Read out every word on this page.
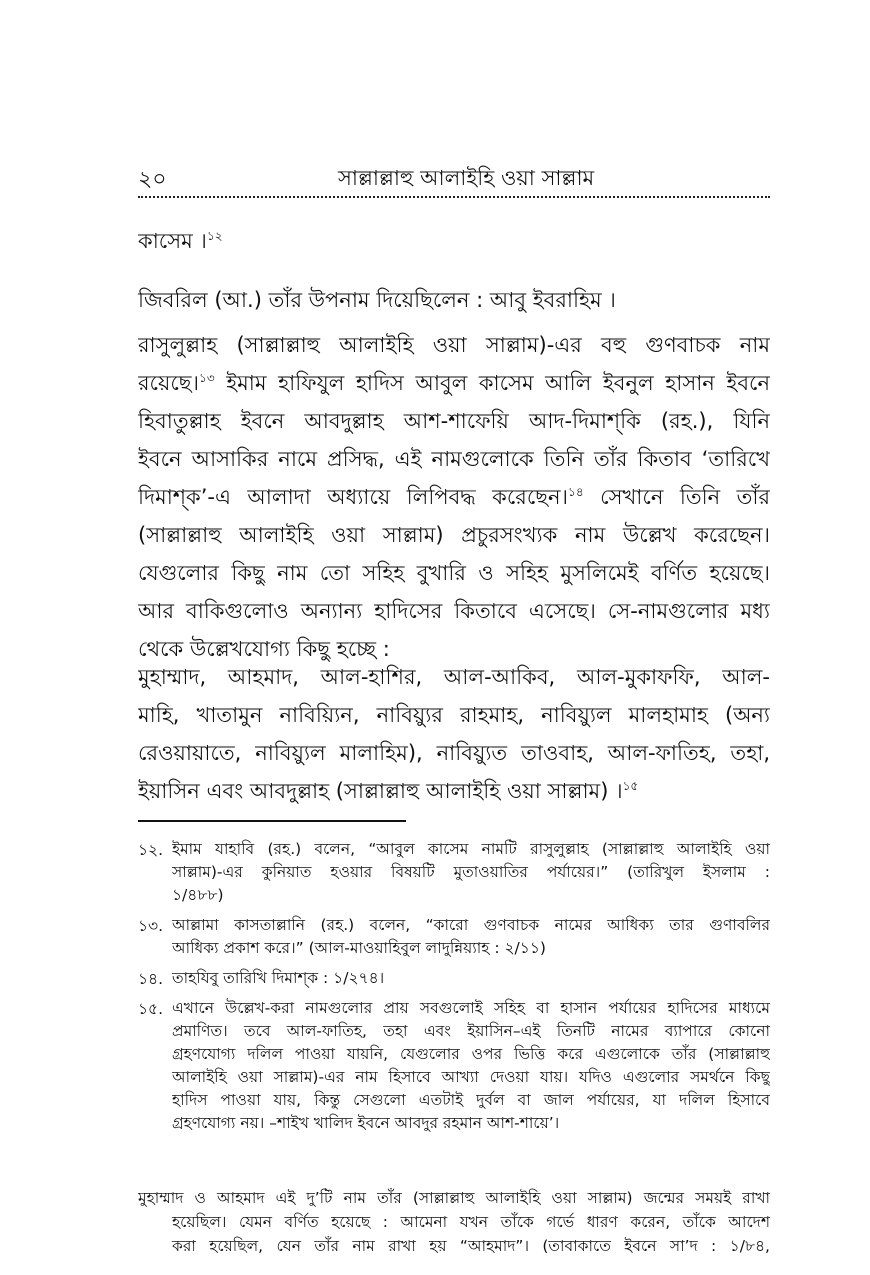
২০	সাল্লাল্লাহু আলাইহি ওয়া সাল্লাম
কাসেম ।$^{১২}$
জিবরিল (আ.) তাঁর উপনাম দিয়েছিলেন : আবু ইবরাহিম ।
রাসুলুল্লাহ (সাল্লাল্লাহু আলাইহি ওয়া সাল্লাম)-এর বহু গুণবাচক নাম
রয়েছে।$^{১৩}$ ইমাম হাফিযুল হাদিস আবুল কাসেম আলি ইবনুল হাসান ইবনে
হিবাতুল্লাহ ইবনে আবদুল্লাহ আশ-শাফেয়ি আদ-দিমাশ্‌কি (রহ.), যিনি
ইবনে আসাকির নামে প্রসিদ্ধ, এই নামগুলোকে তিনি তাঁর কিতাব ‘তারিখে
দিমাশ্‌ক’-এ আলাদা অধ্যায়ে লিপিবদ্ধ করেছেন।$^{১৪}$ সেখানে তিনি তাঁর
(সাল্লাল্লাহু আলাইহি ওয়া সাল্লাম) প্রচুরসংখ্যক নাম উল্লেখ করেছেন।
যেগুলোর কিছু নাম তো সহিহ বুখারি ও সহিহ মুসলিমেই বর্ণিত হয়েছে।
আর বাকিগুলোও অন্যান্য হাদিসের কিতাবে এসেছে। সে-নামগুলোর মধ্য
থেকে উল্লেখযোগ্য কিছু হচ্ছে :
মুহাম্মাদ, আহমাদ, আল-হাশির, আল-আকিব, আল-মুকাফফি, আল-
মাহি, খাতামুন নাবিয়্যিন, নাবিয়্যুর রাহমাহ, নাবিয়্যুল মালহামাহ (অন্য
রেওয়ায়াতে, নাবিয়্যুল মালাহিম), নাবিয়্যুত তাওবাহ, আল-ফাতিহ, তহা,
ইয়াসিন এবং আবদুল্লাহ (সাল্লাল্লাহু আলাইহি ওয়া সাল্লাম) ।$^{১৫}$
১২. ইমাম যাহাবি (রহ.) বলেন, “আবুল কাসেম নামটি রাসুলুল্লাহ (সাল্লাল্লাহু আলাইহি ওয়া
সাল্লাম)-এর কুনিয়াত হওয়ার বিষয়টি মুতাওয়াতির পর্যায়ের।” (তারিখুল ইসলাম :
১/৪৮৮)
১৩. আল্লামা কাসতাল্লানি (রহ.) বলেন, “কারো গুণবাচক নামের আধিক্য তার গুণাবলির
আধিক্য প্রকাশ করে।” (আল-মাওয়াহিবুল লাদুন্নিয়্যাহ : ২/১১)
১৪. তাহযিবু তারিখি দিমাশ্‌ক : ১/২৭৪।
১৫. এখানে উল্লেখ-করা নামগুলোর প্রায় সবগুলোই সহিহ বা হাসান পর্যায়ের হাদিসের মাধ্যমে
প্রমাণিত। তবে আল-ফাতিহ, তহা এবং ইয়াসিন–এই তিনটি নামের ব্যাপারে কোনো
গ্রহণযোগ্য দলিল পাওয়া যায়নি, যেগুলোর ওপর ভিত্তি করে এগুলোকে তাঁর (সাল্লাল্লাহু
আলাইহি ওয়া সাল্লাম)-এর নাম হিসাবে আখ্যা দেওয়া যায়। যদিও এগুলোর সমর্থনে কিছু
হাদিস পাওয়া যায়, কিন্তু সেগুলো এতটাই দুর্বল বা জাল পর্যায়ের, যা দলিল হিসাবে
গ্রহণযোগ্য নয়। –শাইখ খালিদ ইবনে আবদুর রহমান আশ-শায়ে’।
মুহাম্মাদ ও আহমাদ এই দু’টি নাম তাঁর (সাল্লাল্লাহু আলাইহি ওয়া সাল্লাম) জন্মের সময়ই রাখা
হয়েছিল। যেমন বর্ণিত হয়েছে : আমেনা যখন তাঁকে গর্ভে ধারণ করেন, তাঁকে আদেশ
করা হয়েছিল, যেন তাঁর নাম রাখা হয় “আহমাদ”। (তাবাকাতে ইবনে সা’দ : ১/৮৪,
